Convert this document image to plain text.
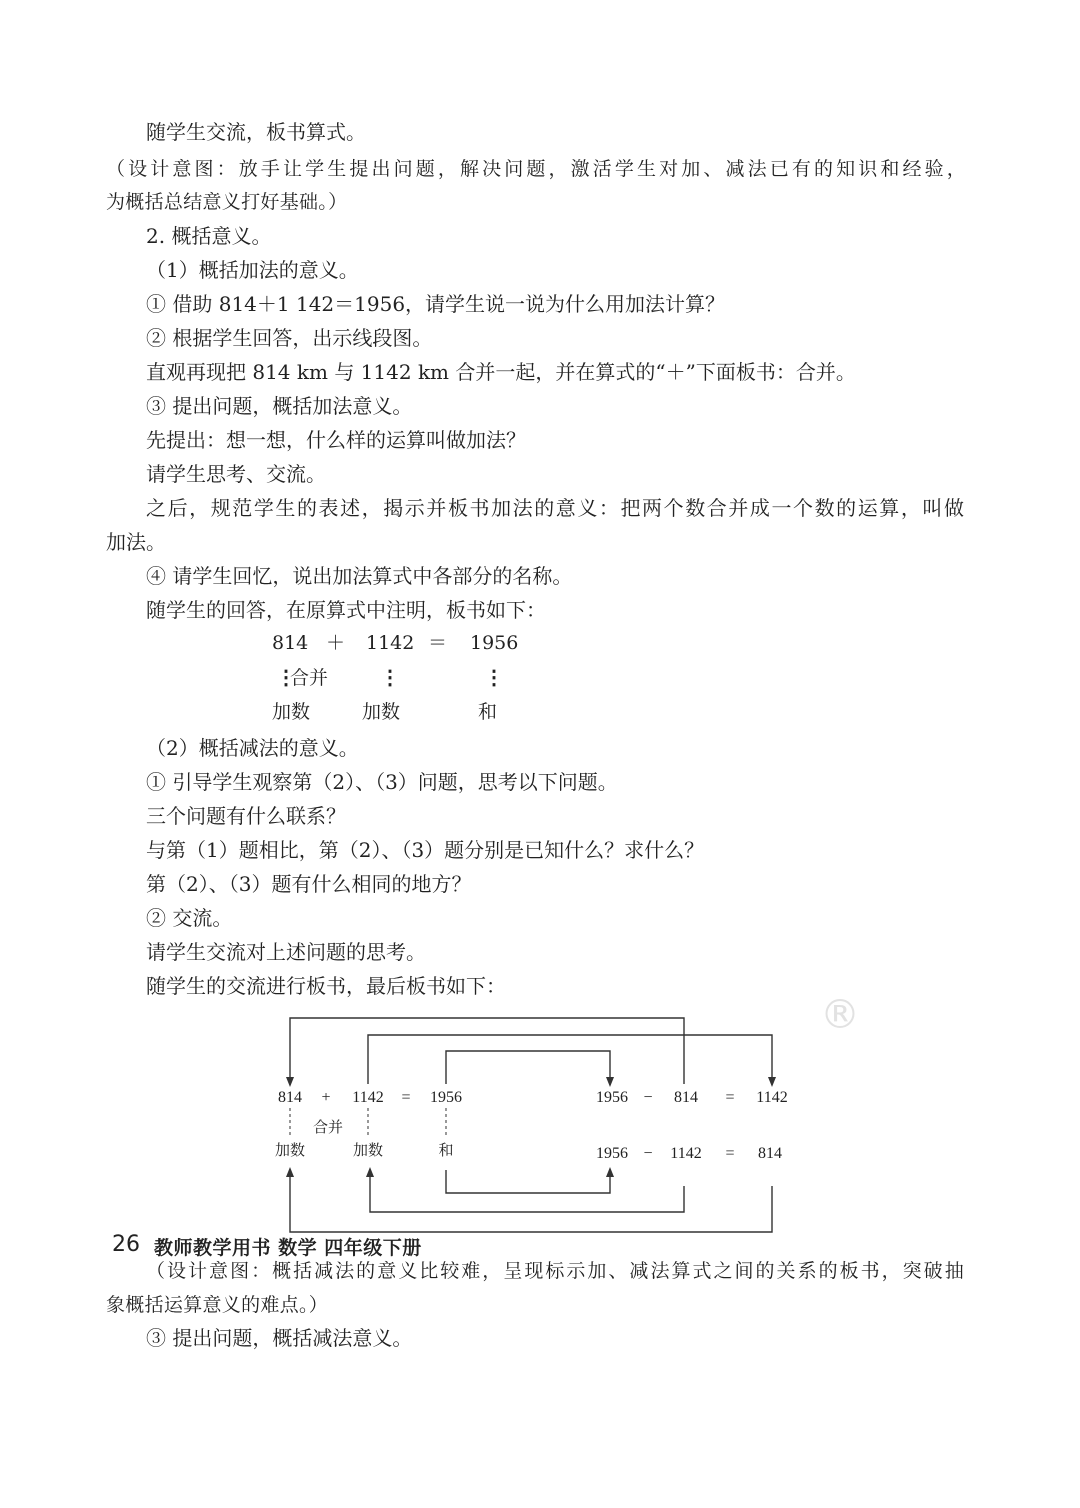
随学生交流，板书算式。
（设计意图：放手让学生提出问题，解决问题，激活学生对加、减法已有的知识和经验，
为概括总结意义打好基础。）
2. 概括意义。
（1）概括加法的意义。
① 借助 814＋1 142＝1956，请学生说一说为什么用加法计算？
② 根据学生回答，出示线段图。
直观再现把 814 km 与 1142 km 合并一起，并在算式的“＋”下面板书：合并。
③ 提出问题，概括加法意义。
先提出：想一想，什么样的运算叫做加法？
请学生思考、交流。
之后，规范学生的表述，揭示并板书加法的意义：把两个数合并成一个数的运算，叫做
加法。
④ 请学生回忆，说出加法算式中各部分的名称。
随学生的回答，在原算式中注明，板书如下：
814 ＋ 1142 ＝ 1956
⋮
合并	⋮	⋮
加数	加数	和
（2）概括减法的意义。
① 引导学生观察第（2）、（3）问题，思考以下问题。
三个问题有什么联系？
与第（1）题相比，第（2）、（3）题分别是已知什么？求什么？
第（2）、（3）题有什么相同的地方？
② 交流。
请学生交流对上述问题的思考。
随学生的交流进行板书，最后板书如下：
®
814 + 1142 = 1956	1956 − 814 = 1142
1956 − 1142 = 814
合并
加数	加数	和
（设计意图：概括减法的意义比较难，呈现标示加、减法算式之间的关系的板书，突破抽
象概括运算意义的难点。）
③ 提出问题，概括减法意义。
26 教师教学用书 数学 四年级下册
